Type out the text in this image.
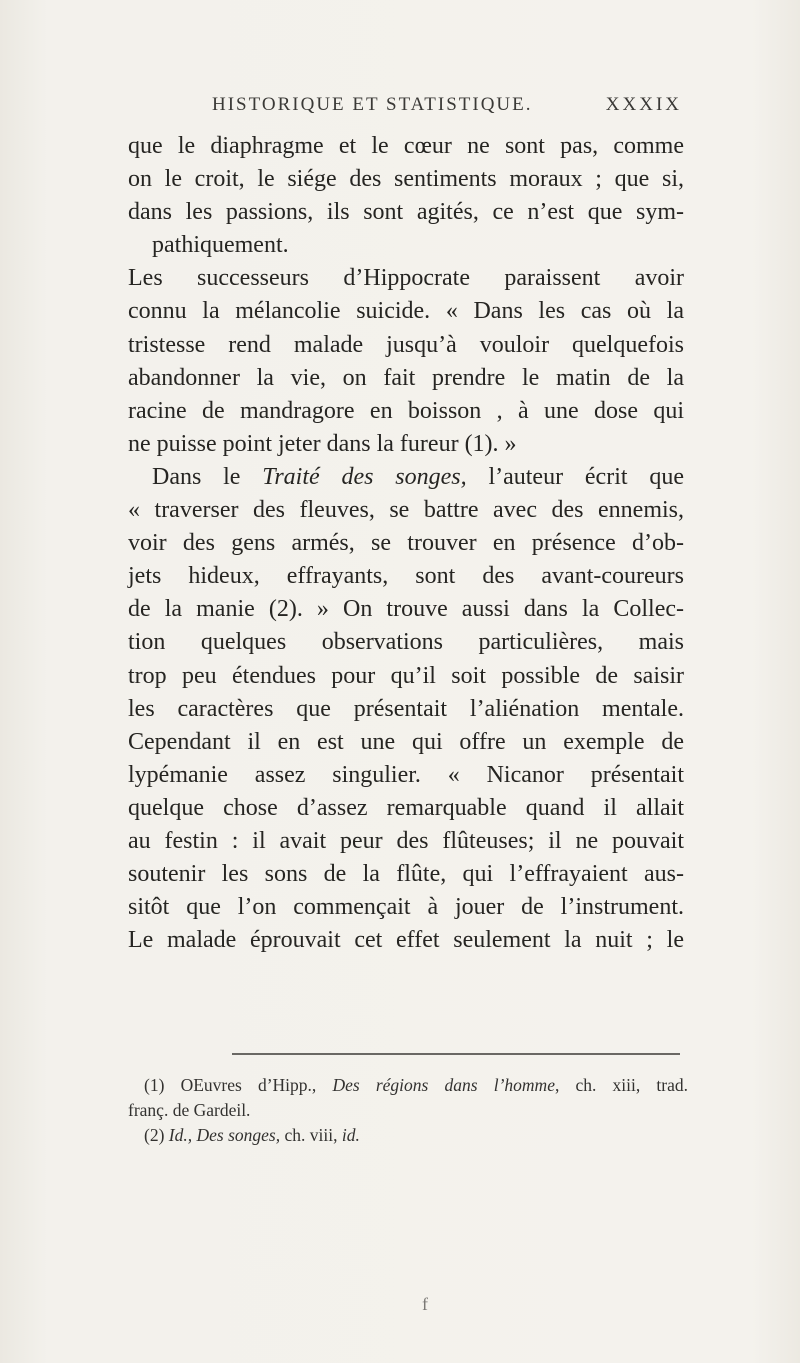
HISTORIQUE ET STATISTIQUE.	XXXIX
que le diaphragme et le cœur ne sont pas, comme
on le croit, le siége des sentiments moraux ; que si,
dans les passions, ils sont agités, ce n’est que sym-
pathiquement.
Les successeurs d’Hippocrate paraissent avoir
connu la mélancolie suicide. « Dans les cas où la
tristesse rend malade jusqu’à vouloir quelquefois
abandonner la vie, on fait prendre le matin de la
racine de mandragore en boisson , à une dose qui
ne puisse point jeter dans la fureur (1). »
Dans le Traité des songes, l’auteur écrit que
« traverser des fleuves, se battre avec des ennemis,
voir des gens armés, se trouver en présence d’ob-
jets hideux, effrayants, sont des avant-coureurs
de la manie (2). » On trouve aussi dans la Collec-
tion quelques observations particulières, mais
trop peu étendues pour qu’il soit possible de saisir
les caractères que présentait l’aliénation mentale.
Cependant il en est une qui offre un exemple de
lypémanie assez singulier. « Nicanor présentait
quelque chose d’assez remarquable quand il allait
au festin : il avait peur des flûteuses; il ne pouvait
soutenir les sons de la flûte, qui l’effrayaient aus-
sitôt que l’on commençait à jouer de l’instrument.
Le malade éprouvait cet effet seulement la nuit ; le
(1) OEuvres d’Hipp., Des régions dans l’homme, ch. xiii, trad.
franç. de Gardeil.
(2) Id., Des songes, ch. viii, id.
f
